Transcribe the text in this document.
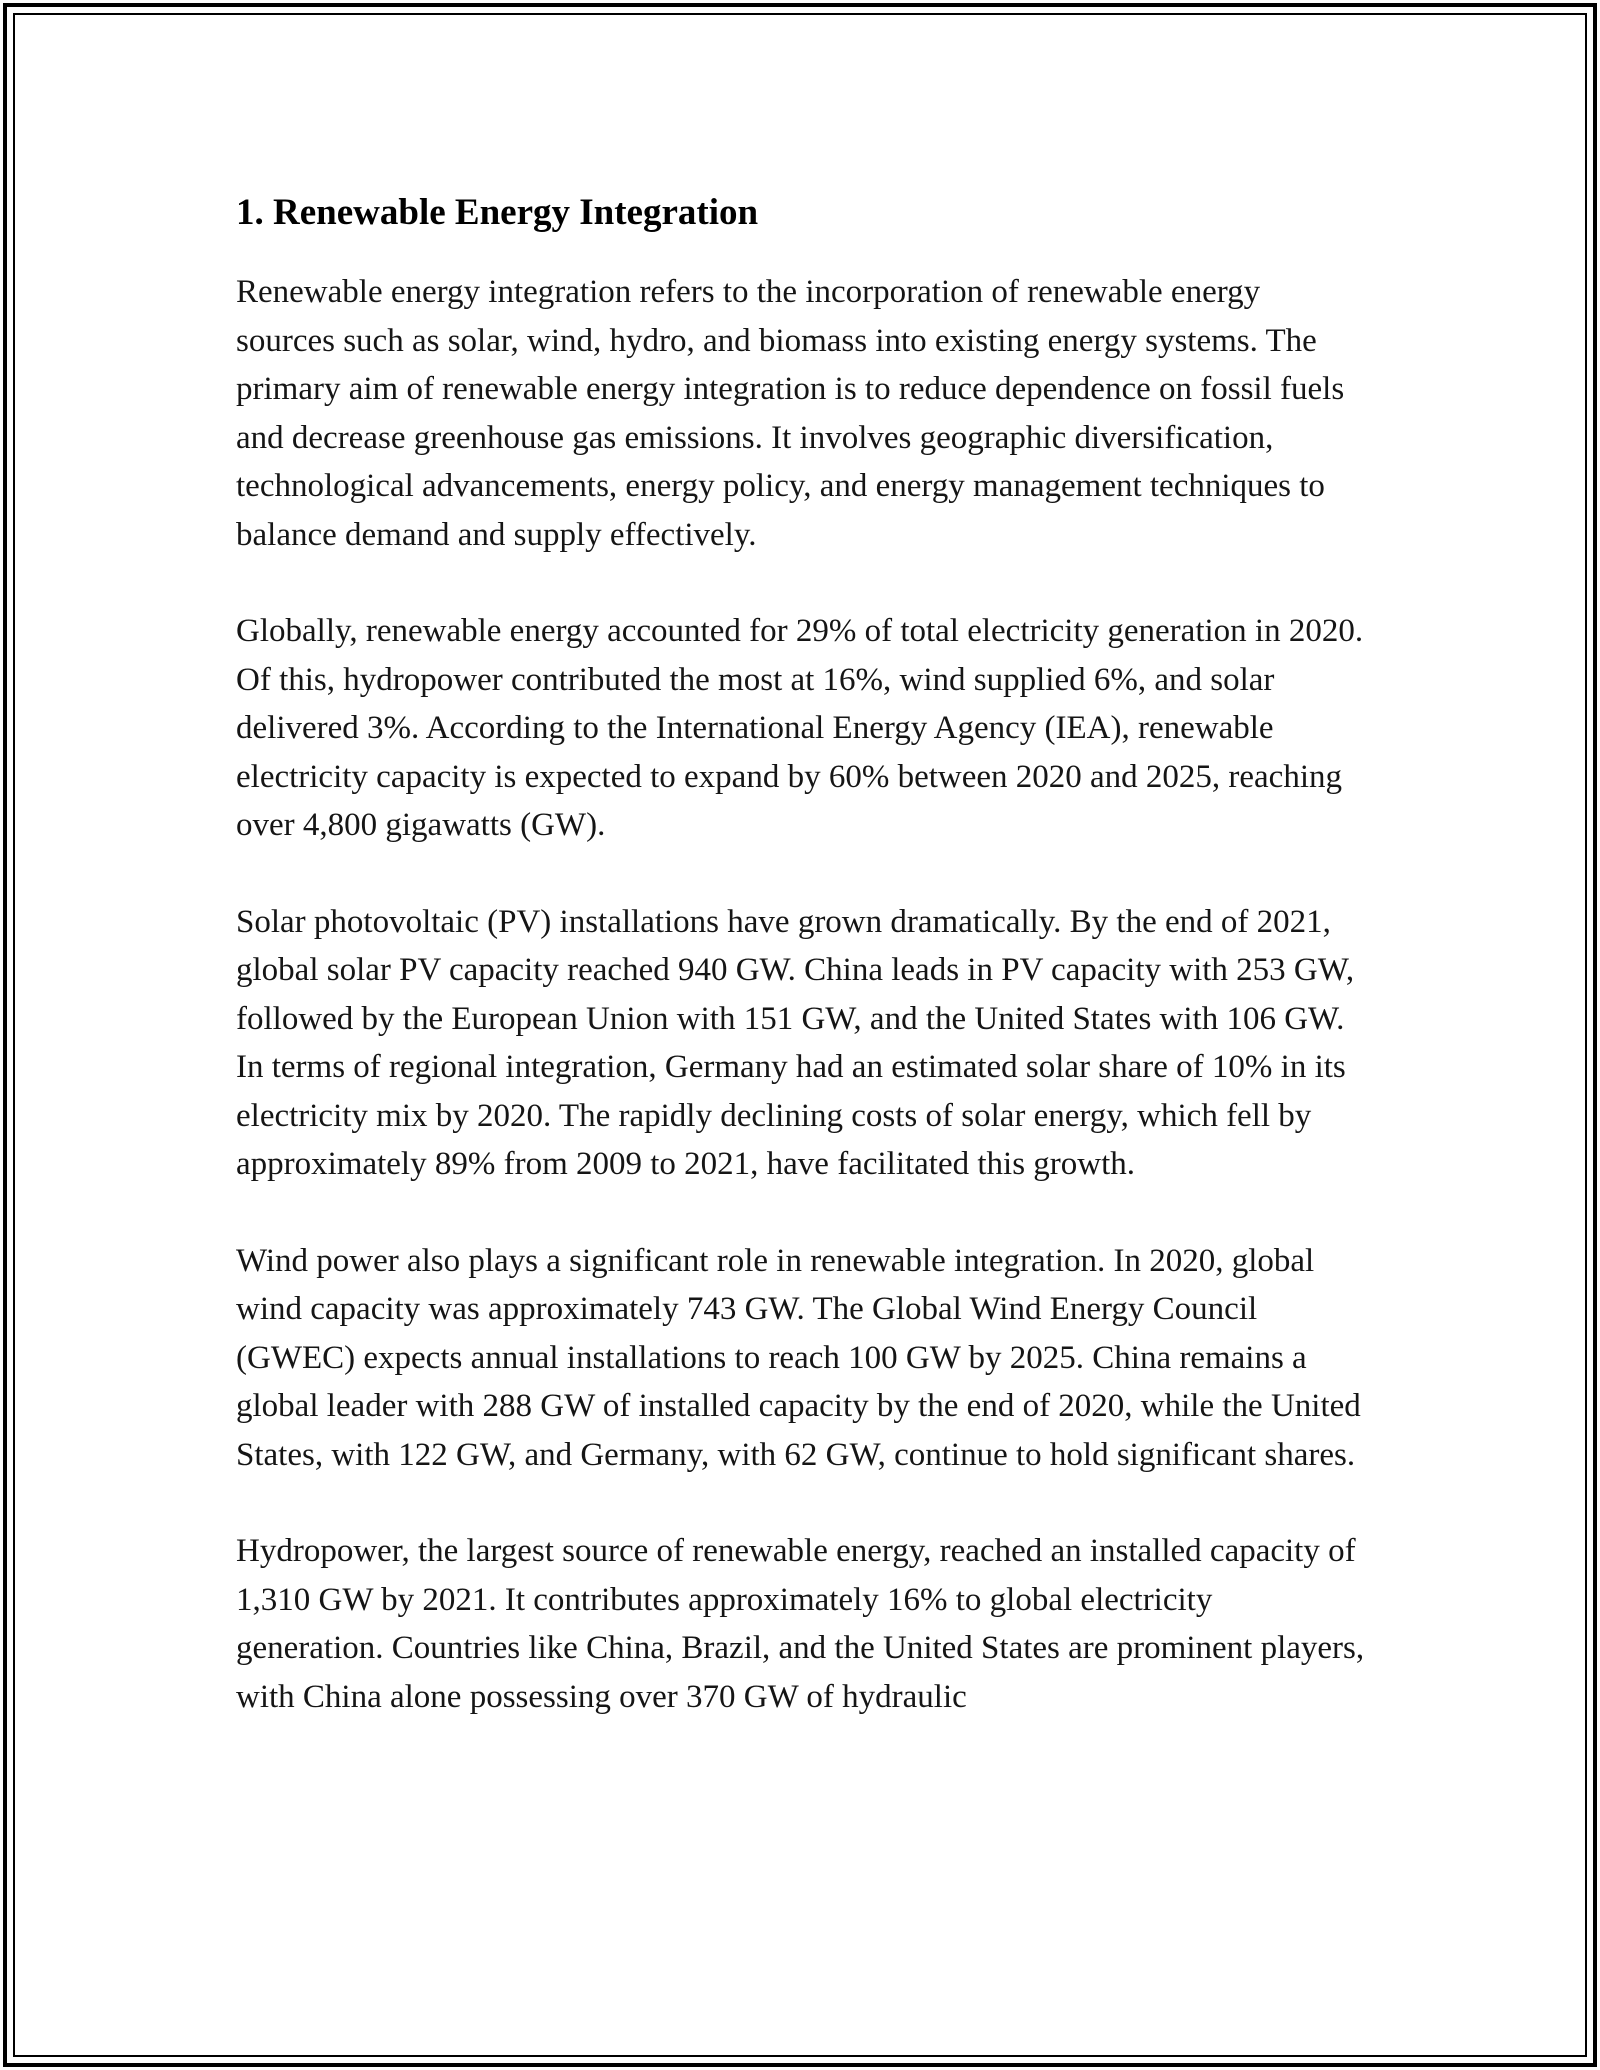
1. Renewable Energy Integration

Renewable energy integration refers to the incorporation of renewable energy sources such as solar, wind, hydro, and biomass into existing energy systems. The primary aim of renewable energy integration is to reduce dependence on fossil fuels and decrease greenhouse gas emissions. It involves geographic diversification, technological advancements, energy policy, and energy management techniques to balance demand and supply effectively.

Globally, renewable energy accounted for 29% of total electricity generation in 2020. Of this, hydropower contributed the most at 16%, wind supplied 6%, and solar delivered 3%. According to the International Energy Agency (IEA), renewable electricity capacity is expected to expand by 60% between 2020 and 2025, reaching over 4,800 gigawatts (GW).

Solar photovoltaic (PV) installations have grown dramatically. By the end of 2021, global solar PV capacity reached 940 GW. China leads in PV capacity with 253 GW, followed by the European Union with 151 GW, and the United States with 106 GW. In terms of regional integration, Germany had an estimated solar share of 10% in its electricity mix by 2020. The rapidly declining costs of solar energy, which fell by approximately 89% from 2009 to 2021, have facilitated this growth.

Wind power also plays a significant role in renewable integration. In 2020, global wind capacity was approximately 743 GW. The Global Wind Energy Council (GWEC) expects annual installations to reach 100 GW by 2025. China remains a global leader with 288 GW of installed capacity by the end of 2020, while the United States, with 122 GW, and Germany, with 62 GW, continue to hold significant shares.

Hydropower, the largest source of renewable energy, reached an installed capacity of 1,310 GW by 2021. It contributes approximately 16% to global electricity generation. Countries like China, Brazil, and the United States are prominent players, with China alone possessing over 370 GW of hydraulic
